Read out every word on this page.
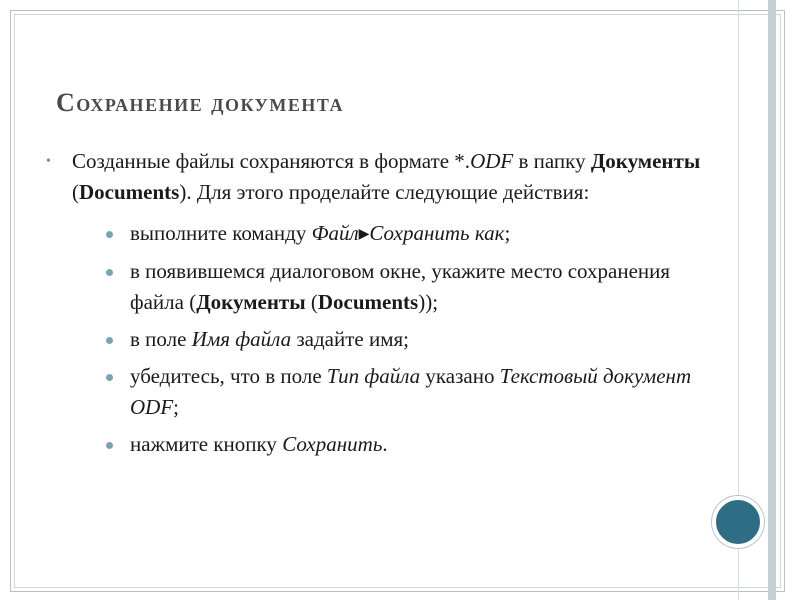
Сохранение документа
• Созданные файлы сохраняются в формате *.ODF в папку Документы (Documents). Для этого проделайте следующие действия:
выполните команду Файл▶Сохранить как;
в появившемся диалоговом окне, укажите место сохранения файла (Документы (Documents));
в поле Имя файла задайте имя;
убедитесь, что в поле Тип файла указано Текстовый документ ODF;
нажмите кнопку Сохранить.
